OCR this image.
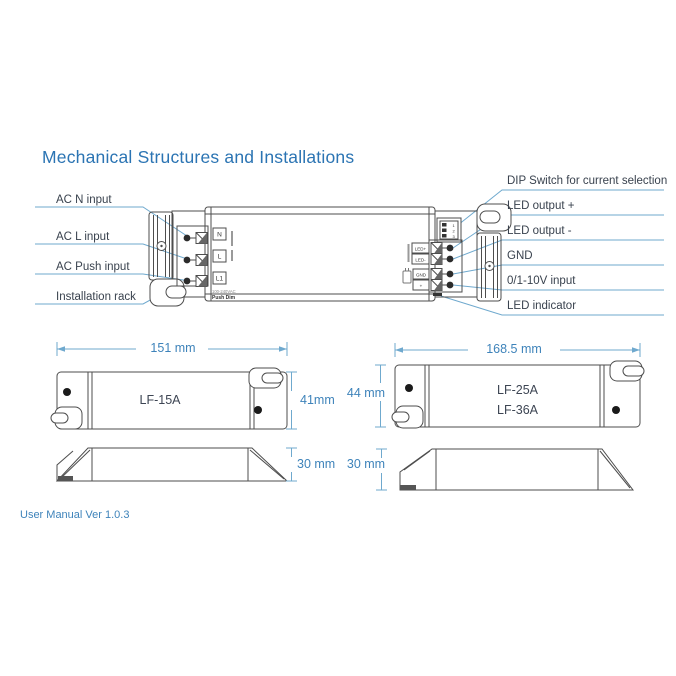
N
L
L1
100-240VAC
Push Dim
1
2
3
LED+
LED-
GND
+
Mechanical Structures and Installations
AC N input
AC L input
AC Push input
Installation rack
DIP Switch for current selection
LED output +
LED output -
GND
0/1-10V input
LED indicator
151 mm
LF-15A	41mm
30 mm
168.5 mm
LF-25A
LF-36A
44 mm
30 mm
User Manual Ver 1.0.3
